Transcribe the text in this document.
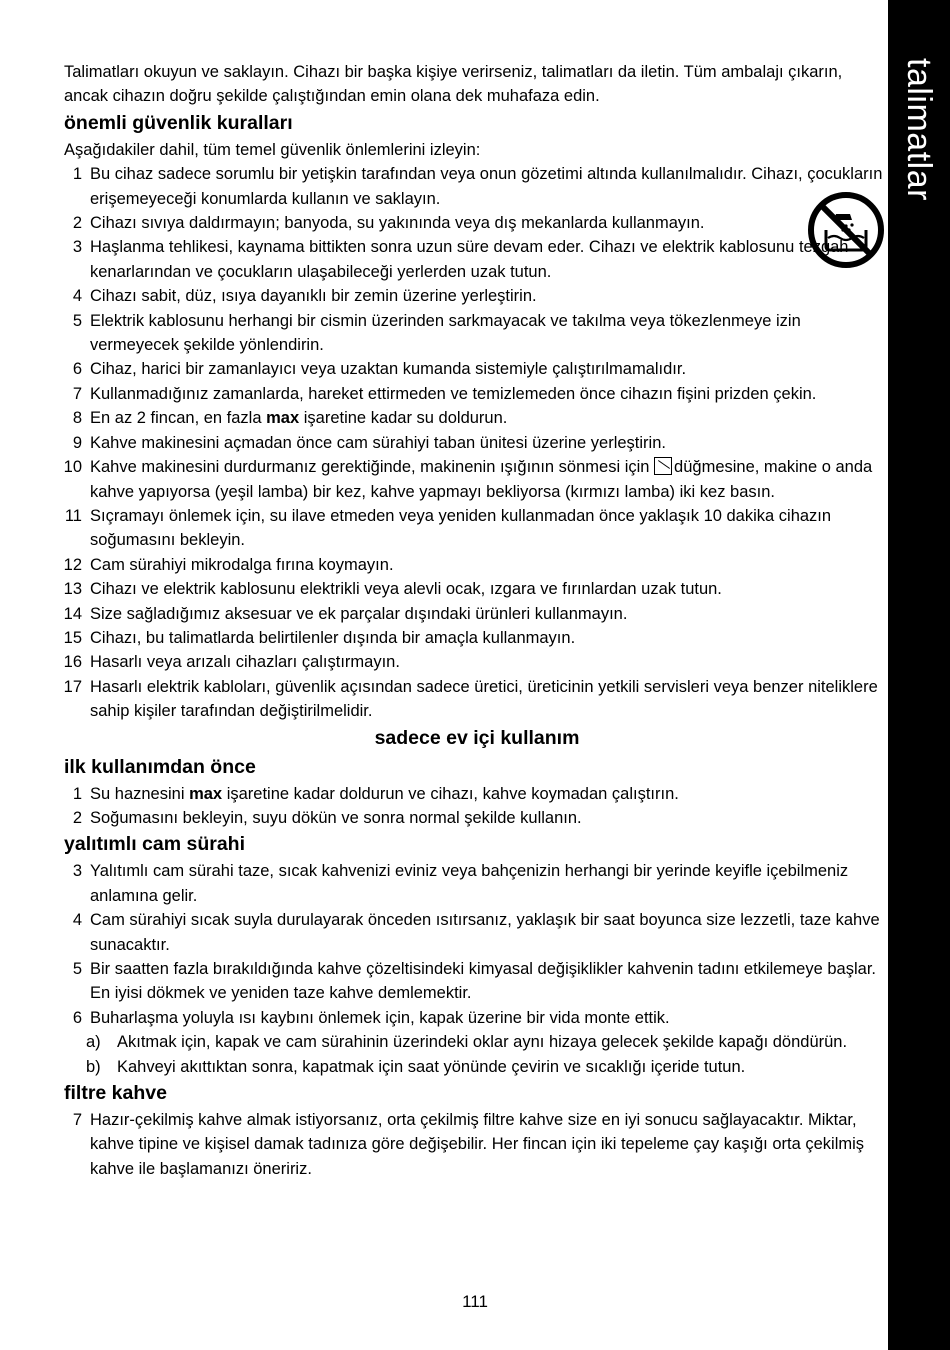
talimatlar

Talimatları okuyun ve saklayın. Cihazı bir başka kişiye verirseniz, talimatları da iletin. Tüm ambalajı çıkarın, ancak cihazın doğru şekilde çalıştığından emin olana dek muhafaza edin.

önemli güvenlik kuralları

Aşağıdakiler dahil, tüm temel güvenlik önlemlerini izleyin:

1 Bu cihaz sadece sorumlu bir yetişkin tarafından veya onun gözetimi altında kullanılmalıdır. Cihazı, çocukların erişemeyeceği konumlarda kullanın ve saklayın.
2 Cihazı sıvıya daldırmayın; banyoda, su yakınında veya dış mekanlarda kullanmayın.
3 Haşlanma tehlikesi, kaynama bittikten sonra uzun süre devam eder. Cihazı ve elektrik kablosunu tezgah kenarlarından ve çocukların ulaşabileceği yerlerden uzak tutun.
4 Cihazı sabit, düz, ısıya dayanıklı bir zemin üzerine yerleştirin.
5 Elektrik kablosunu herhangi bir cismin üzerinden sarkmayacak ve takılma veya tökezlenmeye izin vermeyecek şekilde yönlendirin.
6 Cihaz, harici bir zamanlayıcı veya uzaktan kumanda sistemiyle çalıştırılmamalıdır.
7 Kullanmadığınız zamanlarda, hareket ettirmeden ve temizlemeden önce cihazın fişini prizden çekin.
8 En az 2 fincan, en fazla max işaretine kadar su doldurun.
9 Kahve makinesini açmadan önce cam sürahiyi taban ünitesi üzerine yerleştirin.
10 Kahve makinesini durdurmanız gerektiğinde, makinenin ışığının sönmesi için düğmesine, makine o anda kahve yapıyorsa (yeşil lamba) bir kez, kahve yapmayı bekliyorsa (kırmızı lamba) iki kez basın.
11 Sıçramayı önlemek için, su ilave etmeden veya yeniden kullanmadan önce yaklaşık 10 dakika cihazın soğumasını bekleyin.
12 Cam sürahiyi mikrodalga fırına koymayın.
13 Cihazı ve elektrik kablosunu elektrikli veya alevli ocak, ızgara ve fırınlardan uzak tutun.
14 Size sağladığımız aksesuar ve ek parçalar dışındaki ürünleri kullanmayın.
15 Cihazı, bu talimatlarda belirtilenler dışında bir amaçla kullanmayın.
16 Hasarlı veya arızalı cihazları çalıştırmayın.
17 Hasarlı elektrik kabloları, güvenlik açısından sadece üretici, üreticinin yetkili servisleri veya benzer niteliklere sahip kişiler tarafından değiştirilmelidir.
sadece ev içi kullanım
ilk kullanımdan önce
1 Su haznesini max işaretine kadar doldurun ve cihazı, kahve koymadan çalıştırın.
2 Soğumasını bekleyin, suyu dökün ve sonra normal şekilde kullanın.
yalıtımlı cam sürahi
3 Yalıtımlı cam sürahi taze, sıcak kahvenizi eviniz veya bahçenizin herhangi bir yerinde keyifle içebilmeniz anlamına gelir.
4 Cam sürahiyi sıcak suyla durulayarak önceden ısıtırsanız, yaklaşık bir saat boyunca size lezzetli, taze kahve sunacaktır.
5 Bir saatten fazla bırakıldığında kahve çözeltisindeki kimyasal değişiklikler kahvenin tadını etkilemeye başlar. En iyisi dökmek ve yeniden taze kahve demlemektir.
6 Buharlaşma yoluyla ısı kaybını önlemek için, kapak üzerine bir vida monte ettik.
a) Akıtmak için, kapak ve cam sürahinin üzerindeki oklar aynı hizaya gelecek şekilde kapağı döndürün.
b) Kahveyi akıttıktan sonra, kapatmak için saat yönünde çevirin ve sıcaklığı içeride tutun.
filtre kahve
7 Hazır-çekilmiş kahve almak istiyorsanız, orta çekilmiş filtre kahve size en iyi sonucu sağlayacaktır. Miktar, kahve tipine ve kişisel damak tadınıza göre değişebilir. Her fincan için iki tepeleme çay kaşığı orta çekilmiş kahve ile başlamanızı öneririz.
111
